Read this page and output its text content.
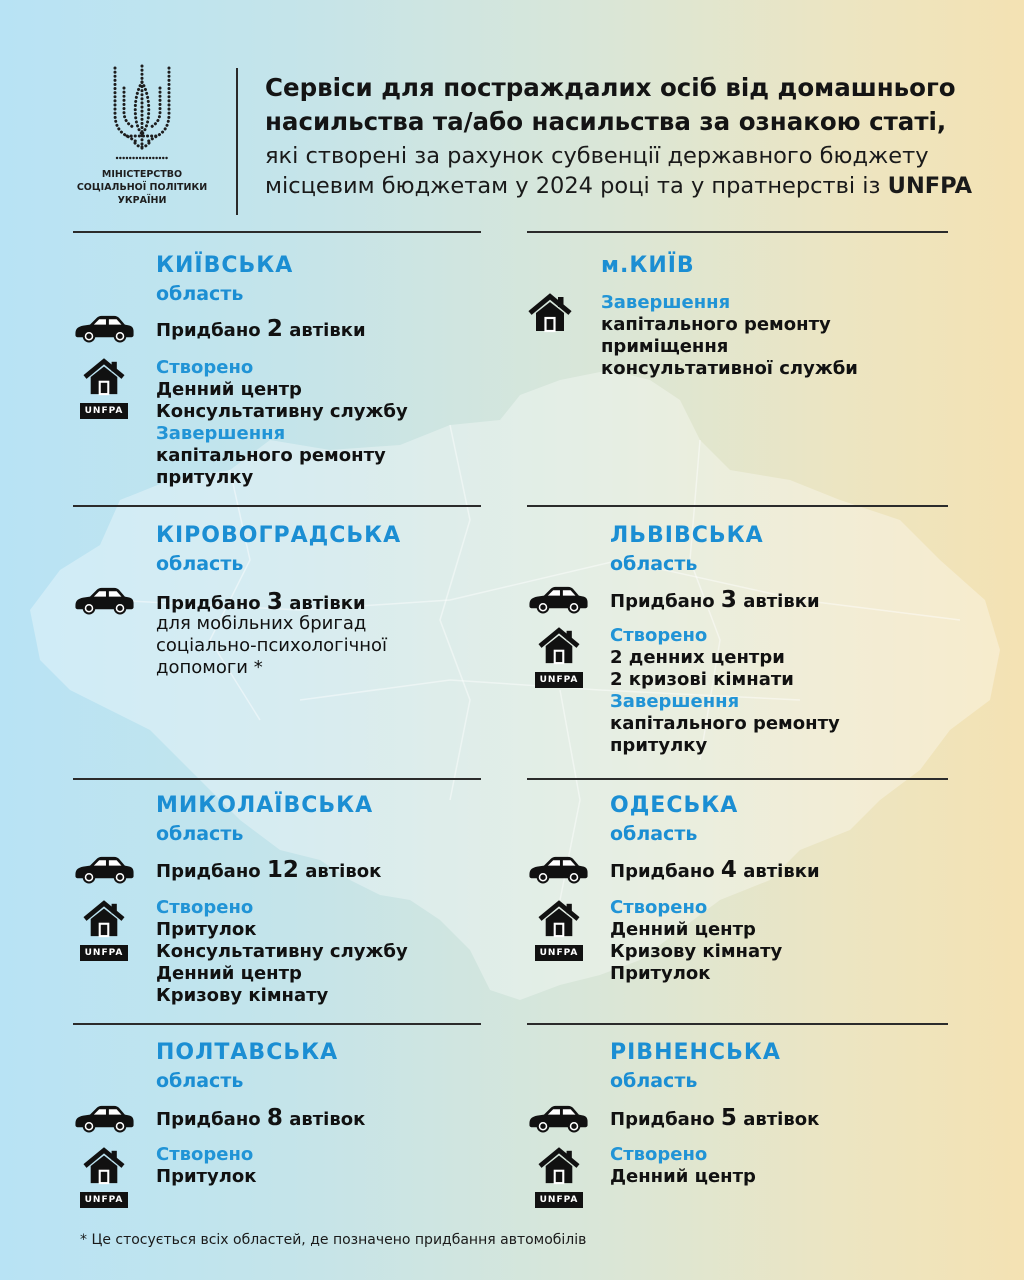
МІНІСТЕРСТВО
СОЦІАЛЬНОЇ ПОЛІТИКИ
УКРАЇНИ
Сервіси для постраждалих осіб від домашнього
насильства та/або насильства за ознакою статі,
які створені за рахунок субвенції державного бюджету
місцевим бюджетам у 2024 році та у пратнерстві із UNFPA
КИЇВСЬКА
область
Придбано 2 автівки
UNFPA
Створено
Денний центр
Консультативну службу
Завершення
капітального ремонту
притулку
м.КИЇВ
Завершення
капітального ремонту
приміщення
консультативної служби
КІРОВОГРАДСЬКА
область
Придбано 3 автівки
для мобільних бригад
соціально-психологічної
допомоги *
ЛЬВІВСЬКА
область
Придбано 3 автівки
UNFPA
Створено
2 денних центри
2 кризові кімнати
Завершення
капітального ремонту
притулку
МИКОЛАЇВСЬКА
область
Придбано 12 автівок
UNFPA
Створено
Притулок
Консультативну службу
Денний центр
Кризову кімнату
ОДЕСЬКА
область
Придбано 4 автівки
UNFPA
Створено
Денний центр
Кризову кімнату
Притулок
ПОЛТАВСЬКА
область
Придбано 8 автівок
UNFPA
Створено
Притулок
РІВНЕНСЬКА
область
Придбано 5 автівок
UNFPA
Створено
Денний центр
* Це стосується всіх областей, де позначено придбання автомобілів
